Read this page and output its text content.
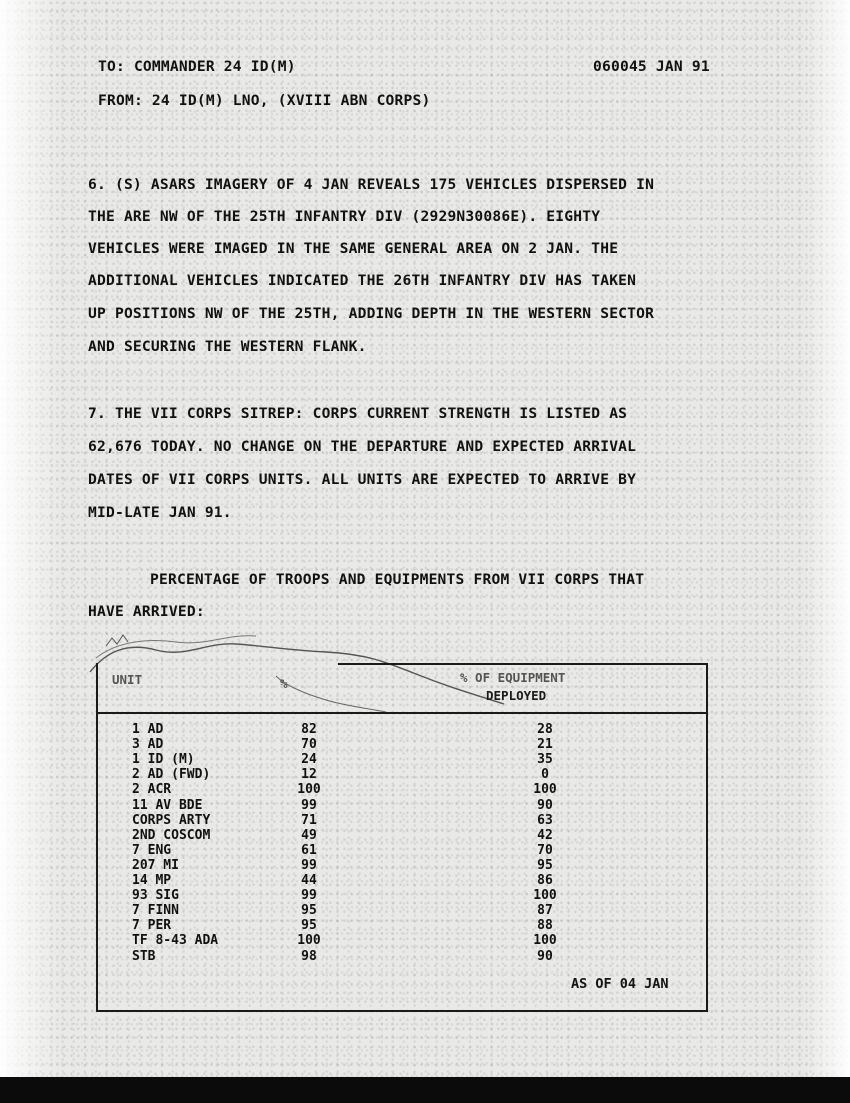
TO: COMMANDER 24 ID(M)	060045 JAN 91
FROM: 24 ID(M) LNO, (XVIII ABN CORPS)
6. (S) ASARS IMAGERY OF 4 JAN REVEALS 175 VEHICLES DISPERSED IN
THE ARE NW OF THE 25TH INFANTRY DIV (2929N30086E). EIGHTY
VEHICLES WERE IMAGED IN THE SAME GENERAL AREA ON 2 JAN. THE
ADDITIONAL VEHICLES INDICATED THE 26TH INFANTRY DIV HAS TAKEN
UP POSITIONS NW OF THE 25TH, ADDING DEPTH IN THE WESTERN SECTOR
AND SECURING THE WESTERN FLANK.
7. THE VII CORPS SITREP: CORPS CURRENT STRENGTH IS LISTED AS
62,676 TODAY. NO CHANGE ON THE DEPARTURE AND EXPECTED ARRIVAL
DATES OF VII CORPS UNITS. ALL UNITS ARE EXPECTED TO ARRIVE BY
MID-LATE JAN 91.
PERCENTAGE OF TROOPS AND EQUIPMENTS FROM VII CORPS THAT
HAVE ARRIVED:
UNIT	%	% OF EQUIPMENT
DEPLOYED
1 AD	82	28
3 AD	70	21
1 ID (M)	24	35
2 AD (FWD)	12	0
2 ACR	100	100
11 AV BDE	99	90
CORPS ARTY	71	63
2ND COSCOM	49	42
7 ENG	61	70
207 MI	99	95
14 MP	44	86
93 SIG	99	100
7 FINN	95	87
7 PER	95	88
TF 8-43 ADA	100	100
STB	98	90
AS OF 04 JAN
